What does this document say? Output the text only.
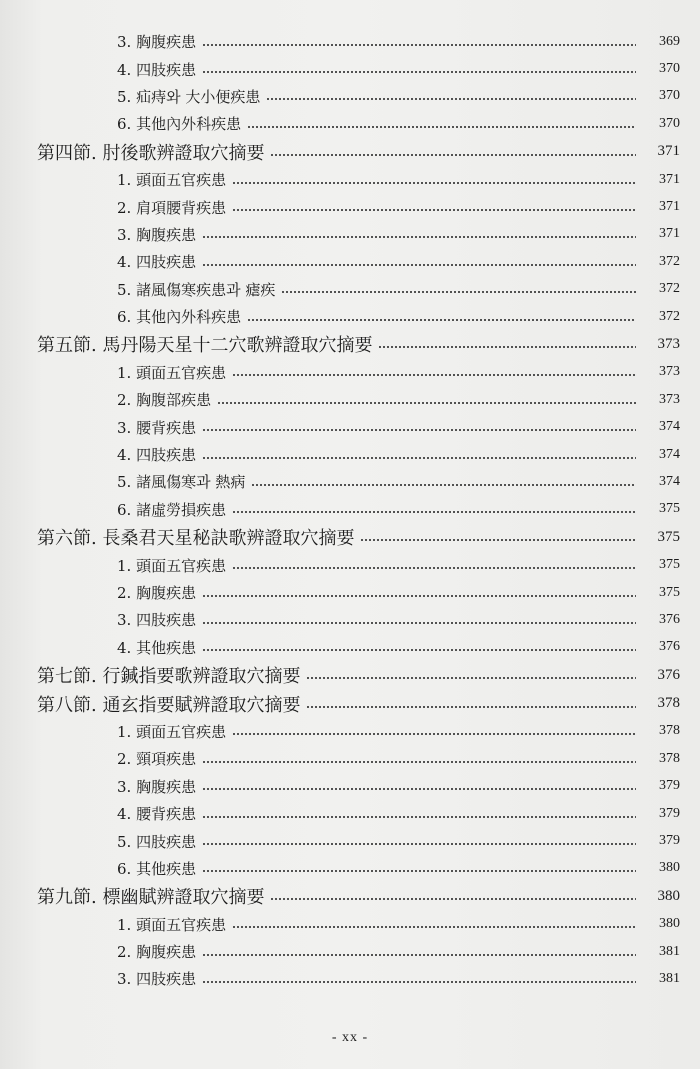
3. 胸腹疾患	369
4. 四肢疾患	370
5. 疝痔와 大小便疾患	370
6. 其他內外科疾患	370
第四節. 肘後歌辨證取穴摘要	371
1. 頭面五官疾患	371
2. 肩項腰背疾患	371
3. 胸腹疾患	371
4. 四肢疾患	372
5. 諸風傷寒疾患과 瘧疾	372
6. 其他內外科疾患	372
第五節. 馬丹陽天星十二穴歌辨證取穴摘要	373
1. 頭面五官疾患	373
2. 胸腹部疾患	373
3. 腰背疾患	374
4. 四肢疾患	374
5. 諸風傷寒과 熱病	374
6. 諸虛勞損疾患	375
第六節. 長桑君天星秘訣歌辨證取穴摘要	375
1. 頭面五官疾患	375
2. 胸腹疾患	375
3. 四肢疾患	376
4. 其他疾患	376
第七節. 行鍼指要歌辨證取穴摘要	376
第八節. 通玄指要賦辨證取穴摘要	378
1. 頭面五官疾患	378
2. 頸項疾患	378
3. 胸腹疾患	379
4. 腰背疾患	379
5. 四肢疾患	379
6. 其他疾患	380
第九節. 標幽賦辨證取穴摘要	380
1. 頭面五官疾患	380
2. 胸腹疾患	381
3. 四肢疾患	381
- xx -
